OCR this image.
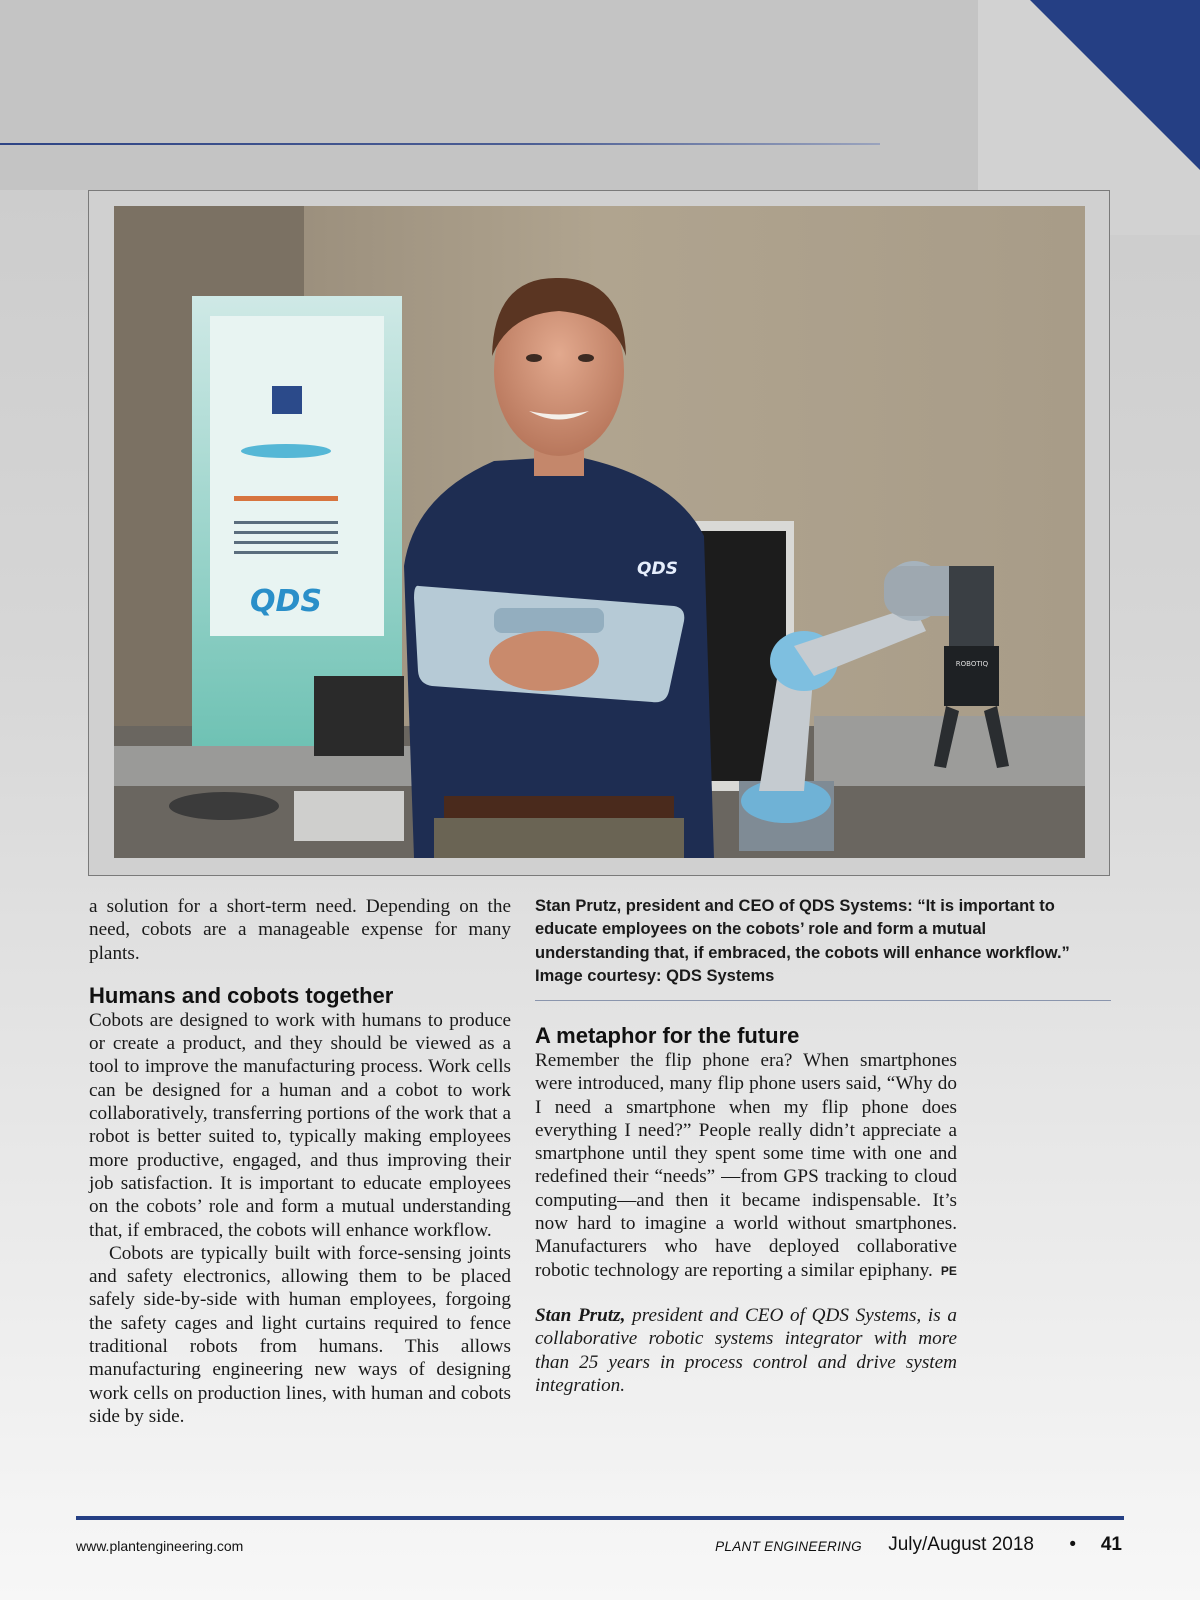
QDS
QDS
ROBOTIQ

a solution for a short-term need. Depending on the need, cobots are a manageable expense for many plants.

Humans and cobots together

Cobots are designed to work with humans to produce or create a product, and they should be viewed as a tool to improve the manufacturing process. Work cells can be designed for a human and a cobot to work collaboratively, transferring portions of the work that a robot is better suited to, typically making employees more productive, engaged, and thus improving their job satisfaction. It is important to educate employees on the cobots’ role and form a mutual understanding that, if embraced, the cobots will enhance workflow.

Cobots are typically built with force-sensing joints and safety electronics, allowing them to be placed safely side-by-side with human employees, forgoing the safety cages and light curtains required to fence traditional robots from humans. This allows manufacturing engineering new ways of designing work cells on production lines, with human and cobots side by side.

Stan Prutz, president and CEO of QDS Systems: “It is important to educate employees on the cobots’ role and form a mutual understanding that, if embraced, the cobots will enhance workflow.” Image courtesy: QDS Systems
A metaphor for the future

Remember the flip phone era? When smartphones were introduced, many flip phone users said, “Why do I need a smartphone when my flip phone does everything I need?” People really didn’t appreciate a smartphone until they spent some time with one and redefined their “needs” —from GPS tracking to cloud computing—and then it became indispensable. It’s now hard to imagine a world without smartphones. Manufacturers who have deployed collaborative robotic technology are reporting a similar epiphany. PE

Stan Prutz, president and CEO of QDS Systems, is a collaborative robotic systems integrator with more than 25 years in process control and drive system integration.

www.plantengineering.com	PLANT ENGINEERING July/August 2018 • 41
